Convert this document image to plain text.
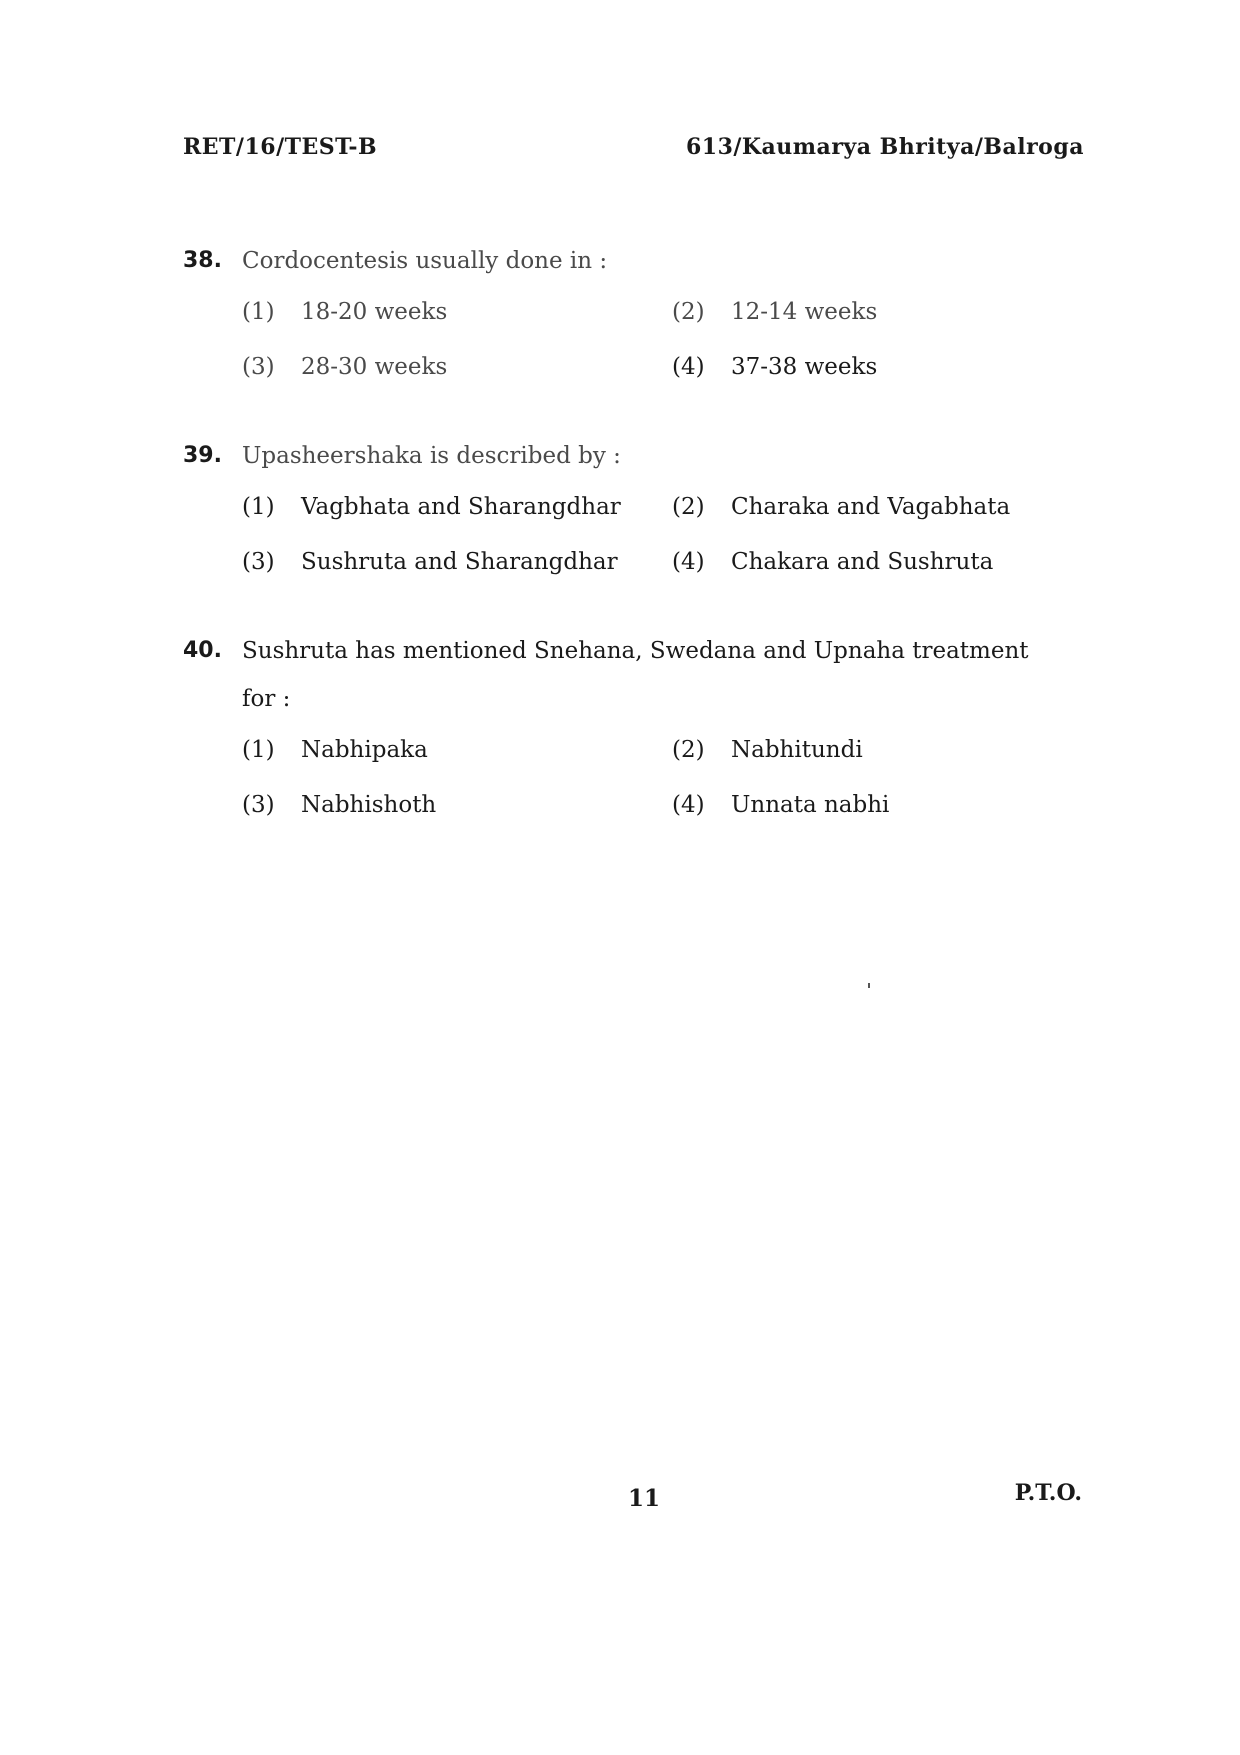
RET/16/TEST-B	613/Kaumarya Bhritya/Balroga
38. Cordocentesis usually done in :
(1) 18-20 weeks	(2) 12-14 weeks
(3) 28-30 weeks	(4) 37-38 weeks
39. Upasheershaka is described by :
(1) Vagbhata and Sharangdhar	(2) Charaka and Vagabhata
(3) Sushruta and Sharangdhar	(4) Chakara and Sushruta
40. Sushruta has mentioned Snehana, Swedana and Upnaha treatment for :
(1) Nabhipaka	(2) Nabhitundi
(3) Nabhishoth	(4) Unnata nabhi
11	P.T.O.
